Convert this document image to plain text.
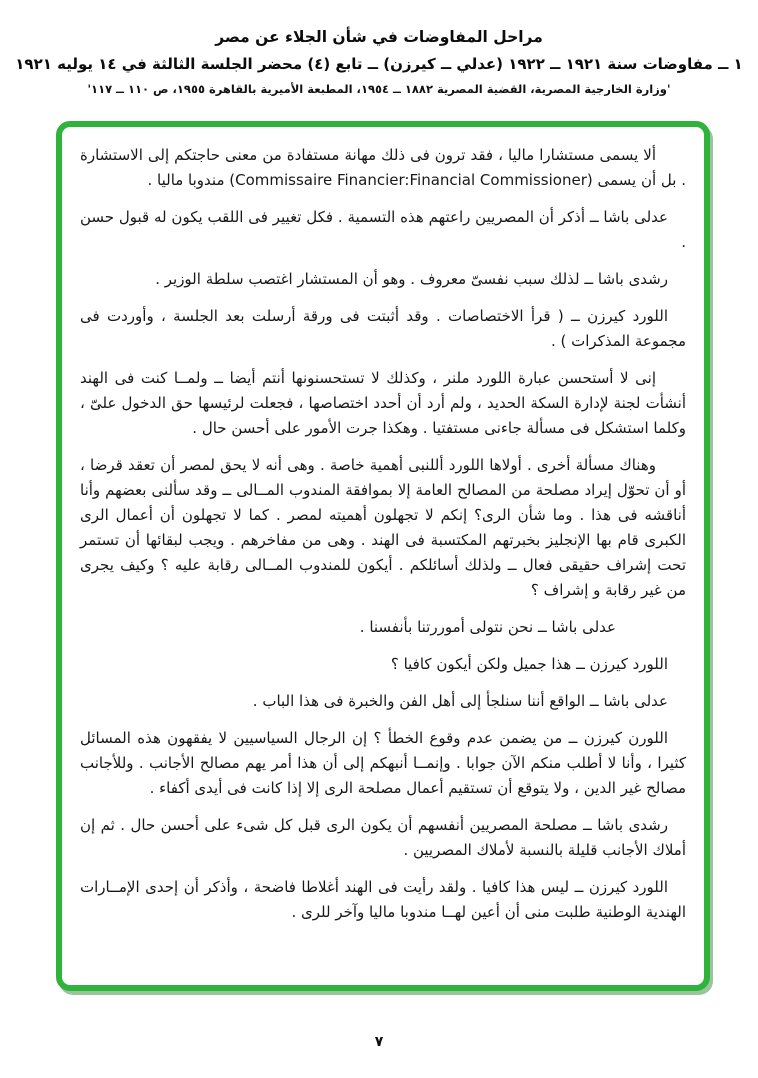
مراحل المفاوضات في شأن الجلاء عن مصر
١ ــ مفاوضات سنة ١٩٢١ ــ ١٩٢٢ (عدلي ــ كيرزن) ــ تابع (٤) محضر الجلسة الثالثة في ١٤ يوليه ١٩٢١
'وزارة الخارجية المصرية، القضية المصرية ١٨٨٢ ــ ١٩٥٤، المطبعة الأميرية بالقاهرة ١٩٥٥، ص ١١٠ ــ ١١٧'

ألا يسمى مستشارا ماليا ، فقد ترون فى ذلك مهانة مستفادة من معنى حاجتكم إلى الاستشارة . بل أن يسمى (Commissaire Financier:Financial Commissioner) مندوبا ماليا .

عدلى باشا ــ أذكر أن المصريين راعتهم هذه التسمية . فكل تغيير فى اللقب يكون له قبول حسن .

رشدى باشا ــ لذلك سبب نفسىّ معروف . وهو أن المستشار اغتصب سلطة الوزير .

اللورد كيرزن ــ ( قرأ الاختصاصات . وقد أثبتت فى ورقة أرسلت بعد الجلسة ، وأوردت فى مجموعة المذكرات ) .

إنى لا أستحسن عبارة اللورد ملنر ، وكذلك لا تستحسنونها أنتم أيضا ــ ولمــا كنت فى الهند أنشأت لجنة لإدارة السكة الحديد ، ولم أرد أن أحدد اختصاصها ، فجعلت لرئيسها حق الدخول علىّ ، وكلما استشكل فى مسألة جاءنى مستفتيا . وهكذا جرت الأمور على أحسن حال .

وهناك مسألة أخرى . أولاها اللورد أللنبى أهمية خاصة . وهى أنه لا يحق لمصر أن تعقد قرضا ، أو أن تحوّل إيراد مصلحة من المصالح العامة إلا بموافقة المندوب المــالى ــ وقد سألنى بعضهم وأنا أناقشه فى هذا . وما شأن الرى؟ إنكم لا تجهلون أهميته لمصر . كما لا تجهلون أن أعمال الرى الكبرى قام بها الإنجليز بخبرتهم المكتسبة فى الهند . وهى من مفاخرهم . ويجب لبقائها أن تستمر تحت إشراف حقيقى فعال ــ ولذلك أسائلكم . أيكون للمندوب المــالى رقابة عليه ؟ وكيف يجرى من غير رقابة و إشراف ؟

عدلى باشا ــ نحن نتولى أموررتنا بأنفسنا .

اللورد كيرزن ــ هذا جميل ولكن أيكون كافيا ؟

عدلى باشا ــ الواقع أننا سنلجأ إلى أهل الفن والخبرة فى هذا الباب .

اللورن كيرزن ــ من يضمن عدم وقوع الخطأ ؟ إن الرجال السياسيين لا يفقهون هذه المسائل كثيرا ، وأنا لا أطلب منكم الآن جوابا . وإنمــا أنبهكم إلى أن هذا أمر يهم مصالح الأجانب . وللأجانب مصالح غير الدين ، ولا يتوقع أن تستقيم أعمال مصلحة الرى إلا إذا كانت فى أيدى أكفاء .

رشدى باشا ــ مصلحة المصريين أنفسهم أن يكون الرى قبل كل شىء على أحسن حال . ثم إن أملاك الأجانب قليلة بالنسبة لأملاك المصريين .

اللورد كيرزن ــ ليس هذا كافيا . ولقد رأيت فى الهند أغلاطا فاضحة ، وأذكر أن إحدى الإمــارات الهندية الوطنية طلبت منى أن أعين لهــا مندوبا ماليا وآخر للرى .

٧
